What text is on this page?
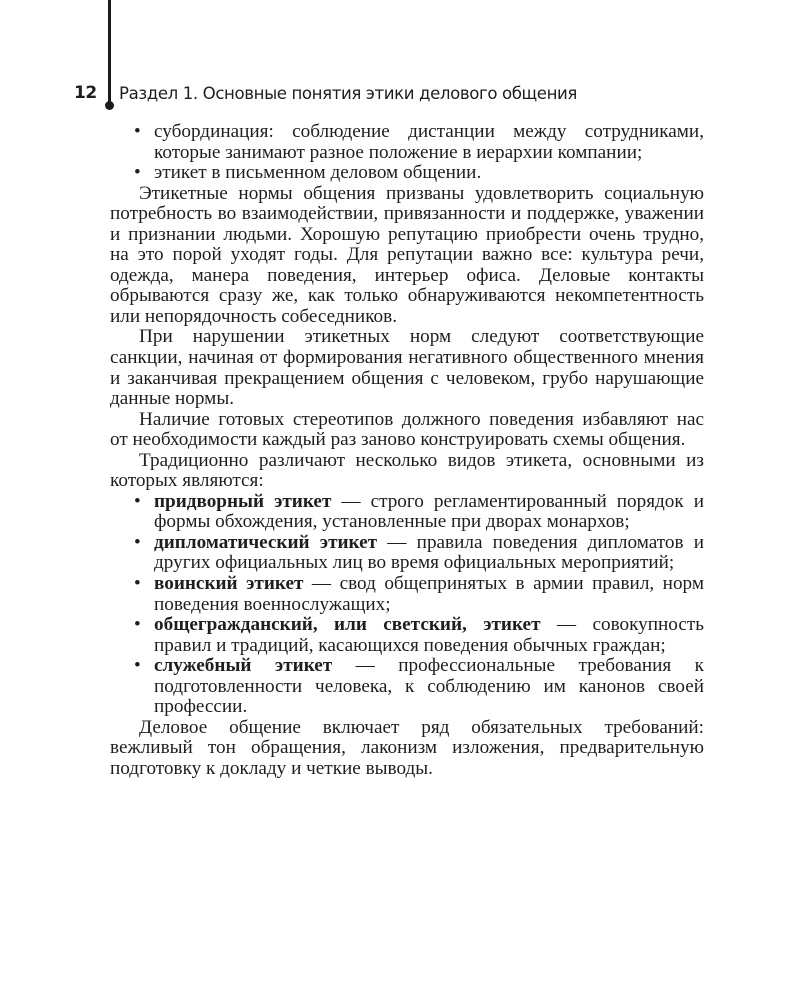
12 Раздел 1. Основные понятия этики делового общения
• субординация: соблюдение дистанции между сотрудниками, которые занимают разное положение в иерархии компании;
• этикет в письменном деловом общении.

Этикетные нормы общения призваны удовлетворить социальную потребность во взаимодействии, привязанности и поддержке, уважении и признании людьми. Хорошую репутацию приобрести очень трудно, на это порой уходят годы. Для репутации важно все: культура речи, одежда, манера поведения, интерьер офиса. Деловые контакты обрываются сразу же, как только обнаруживаются некомпетентность или непорядочность собеседников.

При нарушении этикетных норм следуют соответствующие санкции, начиная от формирования негативного общественного мнения и заканчивая прекращением общения с человеком, грубо нарушающие данные нормы.

Наличие готовых стереотипов должного поведения избавляют нас от необходимости каждый раз заново конструировать схемы общения.

Традиционно различают несколько видов этикета, основными из которых являются:

• придворный этикет — строго регламентированный порядок и формы обхождения, установленные при дворах монархов;
• дипломатический этикет — правила поведения дипломатов и других официальных лиц во время официальных мероприятий;
• воинский этикет — свод общепринятых в армии правил, норм поведения военнослужащих;
• общегражданский, или светский, этикет — совокупность правил и традиций, касающихся поведения обычных граждан;
• служебный этикет — профессиональные требования к подготовленности человека, к соблюдению им канонов своей профессии.

Деловое общение включает ряд обязательных требований: вежливый тон обращения, лаконизм изложения, предварительную подготовку к докладу и четкие выводы.
